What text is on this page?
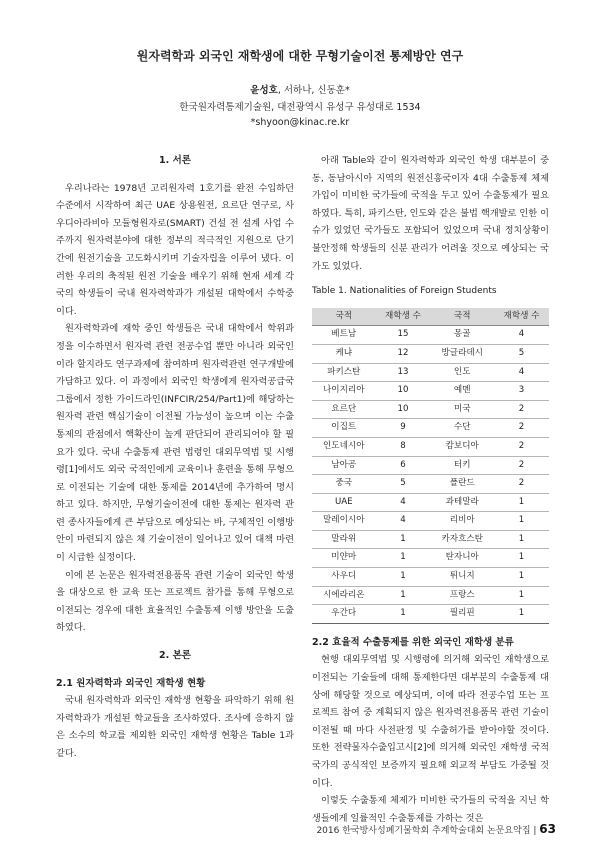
원자력학과 외국인 재학생에 대한 무형기술이전 통제방안 연구
윤성호, 서하나, 신동훈*
한국원자력통제기술원, 대전광역시 유성구 유성대로 1534
*shyoon@kinac.re.kr
1. 서론

우리나라는 1978년 고리원자력 1호기를 완전 수입하던 수준에서 시작하여 최근 UAE 상용원전, 요르단 연구로, 사우디아라비아 모듈형원자로(SMART) 건설 전 설계 사업 수주까지 원자력분야에 대한 정부의 적극적인 지원으로 단기간에 원전기술을 고도화시키며 기술자립을 이루어 냈다. 이러한 우리의 축적된 원전 기술을 배우기 위해 현재 세계 각국의 학생들이 국내 원자력학과가 개설된 대학에서 수학중이다.

원자력학과에 재학 중인 학생들은 국내 대학에서 학위과정을 이수하면서 원자력 관련 전공수업 뿐만 아니라 외국인이라 할지라도 연구과제에 참여하며 원자력관련 연구개발에 가담하고 있다. 이 과정에서 외국인 학생에게 원자력공급국그룹에서 정한 가이드라인(INFCIR/254/Part1)에 해당하는 원자력 관련 핵심기술이 이전될 가능성이 높으며 이는 수출통제의 관점에서 핵확산이 높게 판단되어 관리되어야 할 필요가 있다. 국내 수출통제 관련 법령인 대외무역법 및 시행령[1]에서도 외국 국적인에게 교육이나 훈련을 통해 무형으로 이전되는 기술에 대한 통제를 2014년에 추가하여 명시하고 있다. 하지만, 무형기술이전에 대한 통제는 원자력 관련 종사자들에게 큰 부담으로 예상되는 바, 구체적인 이행방안이 마련되지 않은 채 기술이전이 일어나고 있어 대책 마련이 시급한 실정이다.

이에 본 논문은 원자력전용품목 관련 기술이 외국인 학생을 대상으로 한 교육 또는 프로젝트 참가를 통해 무형으로 이전되는 경우에 대한 효율적인 수출통제 이행 방안을 도출하였다.

2. 본론
2.1 원자력학과 외국인 재학생 현황

국내 원자력학과 외국인 재학생 현황을 파악하기 위해 원자력학과가 개설된 학교들을 조사하였다. 조사에 응하지 않은 소수의 학교를 제외한 외국인 재학생 현황은 Table 1과 같다.

아래 Table와 같이 원자력학과 외국인 학생 대부분이 중동, 동남아시아 지역의 원전신흥국이자 4대 수출통제 체제 가입이 미비한 국가들에 국적을 두고 있어 수출통제가 필요하였다. 특히, 파키스탄, 인도와 같은 불법 핵개발로 인한 이슈가 있었던 국가들도 포함되어 있었으며 국내 정치상황이 불안정해 학생들의 신분 관리가 어려울 것으로 예상되는 국가도 있었다.

Table 1. Nationalities of Foreign Students
국적	재학생 수	국적	재학생 수
베트남	15	몽골	4
케냐	12	방글라데시	5
파키스탄	13	인도	4
나이지리아	10	예멘	3
요르단	10	미국	2
이집트	9	수단	2
인도네시아	8	캄보디아	2
남아공	6	터키	2
중국	5	폴란드	2
UAE	4	과테말라	1
말레이시아	4	리비아	1
말라위	1	카자흐스탄	1
미얀마	1	탄자니아	1
사우디	1	튀니지	1
시에라리온	1	프랑스	1
우간다	1	필리핀	1
2.2 효율적 수출통제를 위한 외국인 재학생 분류

현행 대외무역법 및 시행령에 의거해 외국인 재학생으로 이전되는 기술들에 대해 통제한다면 대부분의 수출통제 대상에 해당할 것으로 예상되며, 이에 따라 전공수업 또는 프로젝트 참여 중 계획되지 않은 원자력전용품목 관련 기술이 이전될 때 마다 사전판정 및 수출허가를 받아야할 것이다. 또한 전략물자수출입고시[2]에 의거해 외국인 재학생 국적국가의 공식적인 보증까지 필요해 외교적 부담도 가중될 것이다.

이렇듯 수출통제 체제가 미비한 국가들의 국적을 지닌 학생들에게 일률적인 수출통제를 가하는 것은

2016 한국방사성폐기물학회 추계학술대회 논문요약집 | 63
